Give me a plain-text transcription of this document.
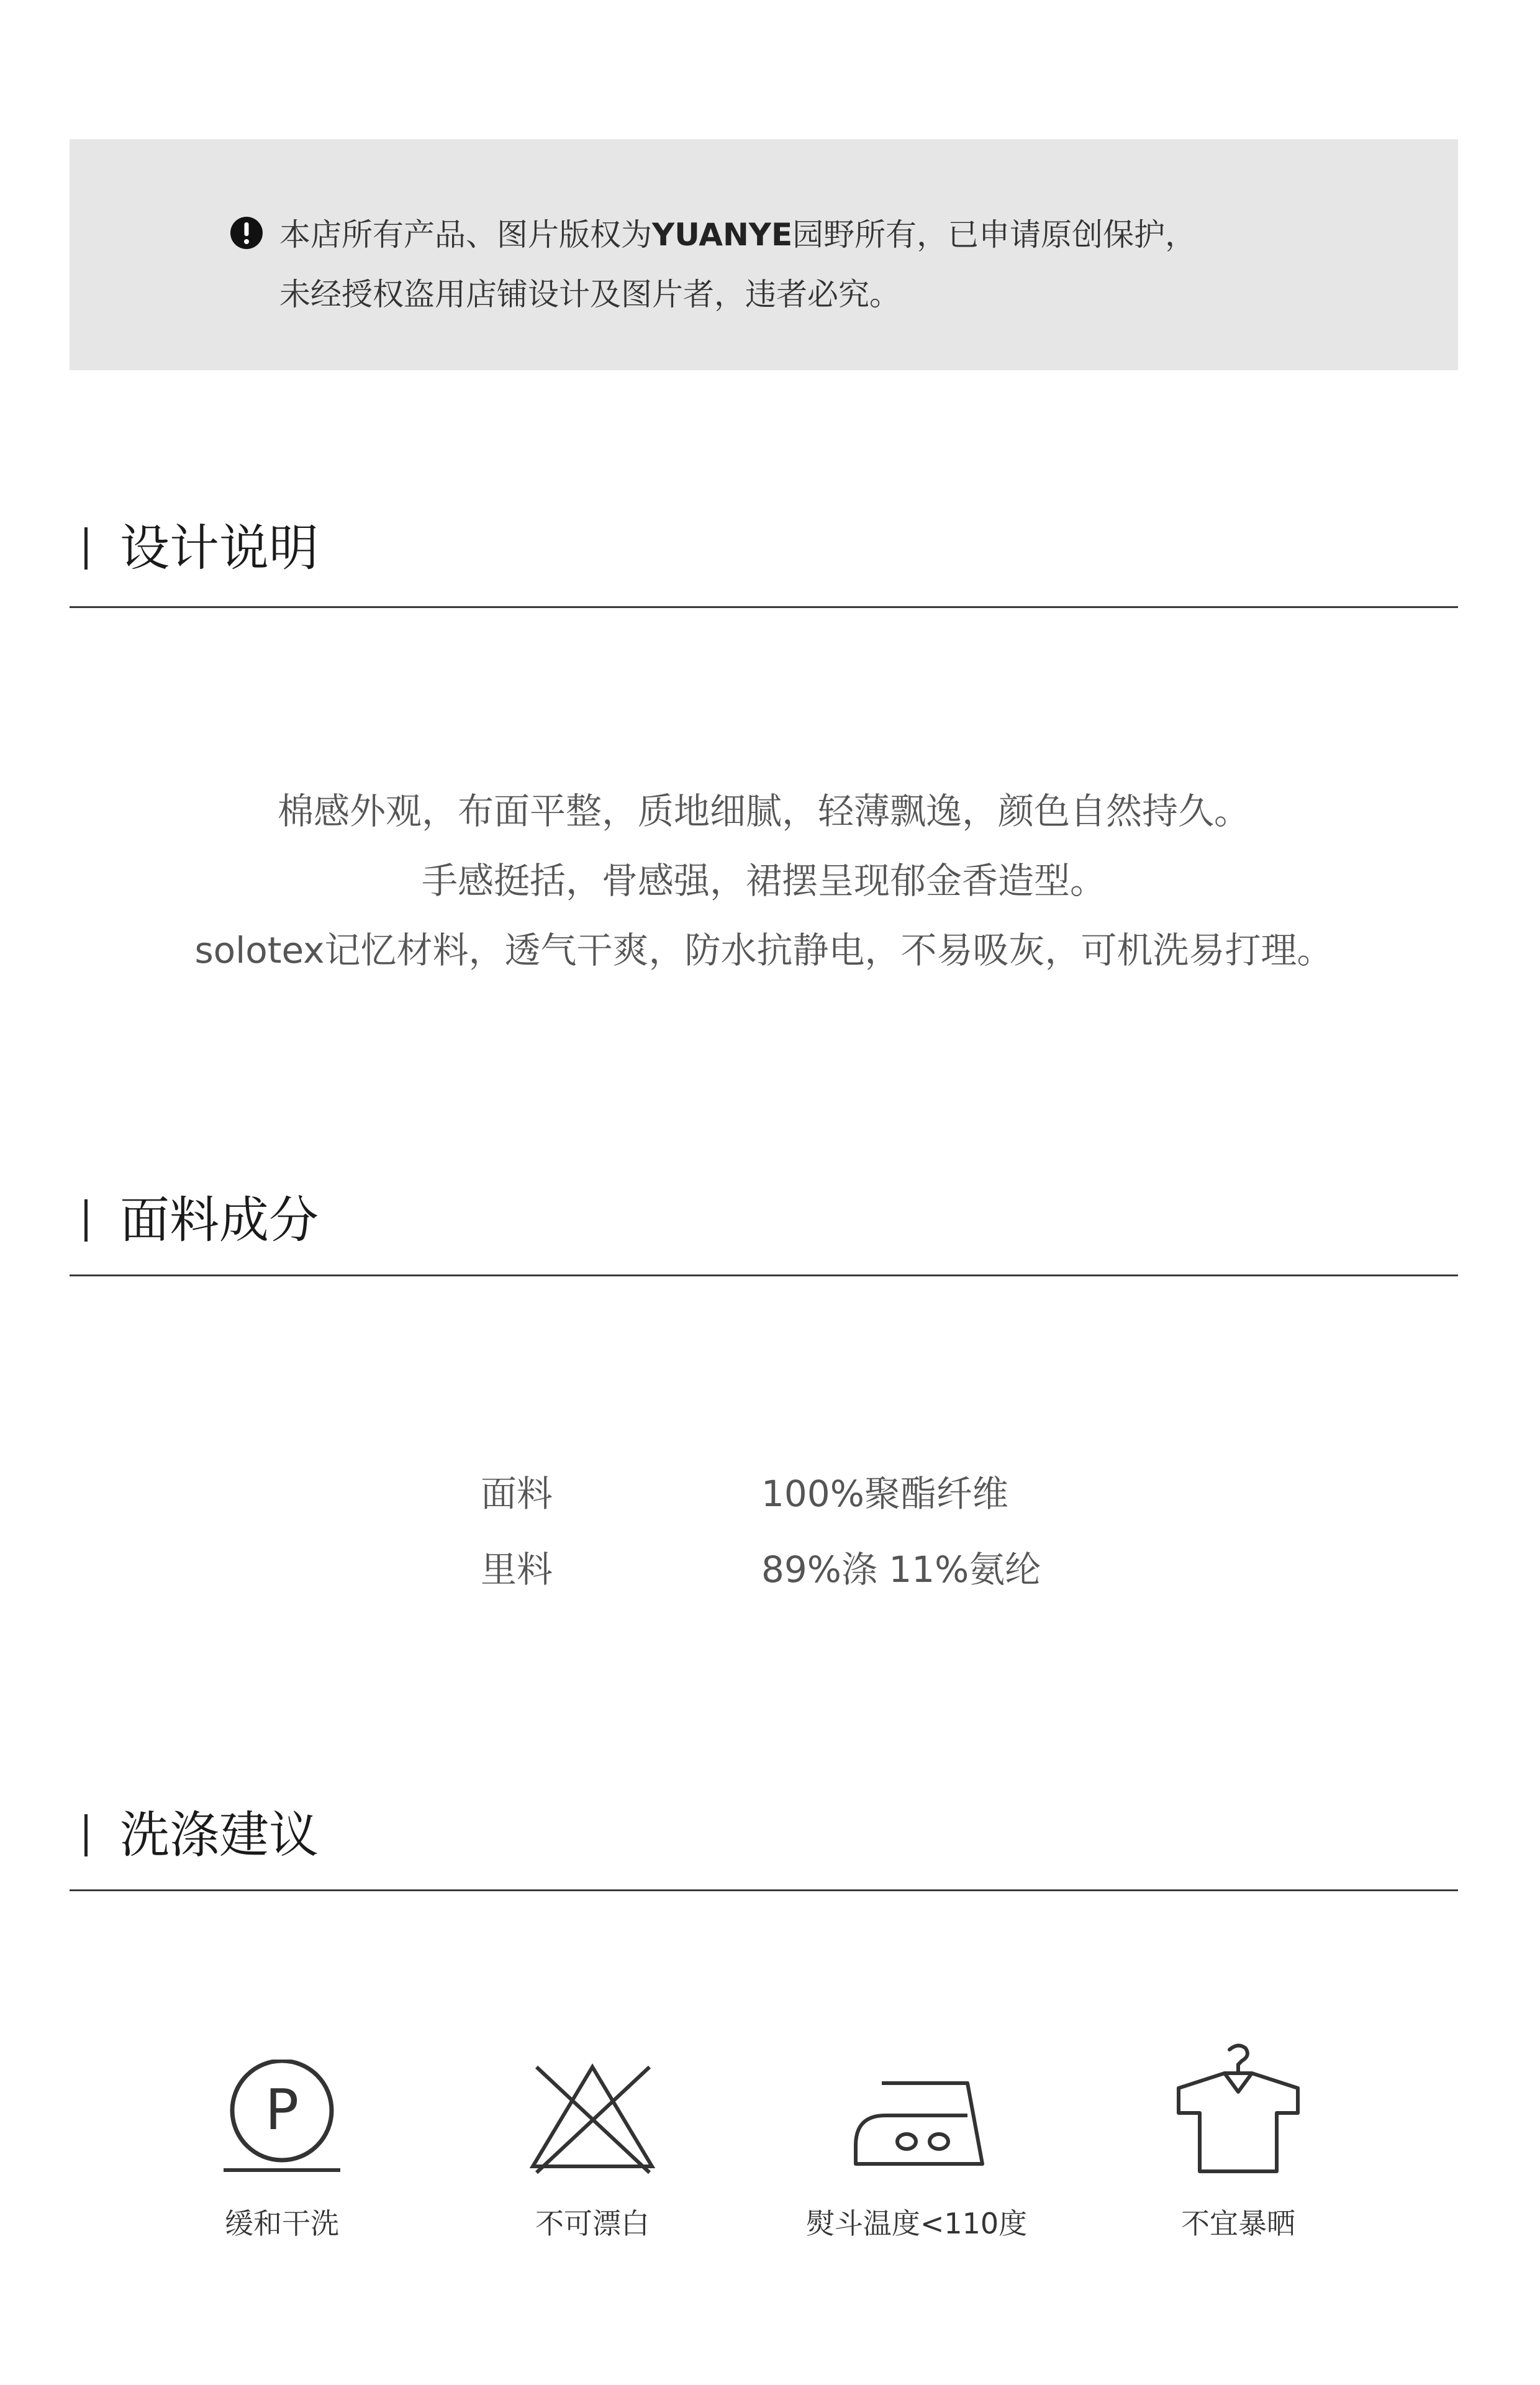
本店所有产品、图片版权为YUANYE园野所有，已申请原创保护，
未经授权盗用店铺设计及图片者，违者必究。
设计说明
棉感外观，布面平整，质地细腻，轻薄飘逸，颜色自然持久。
手感挺括，骨感强，裙摆呈现郁金香造型。
solotex记忆材料，透气干爽，防水抗静电，不易吸灰，可机洗易打理。
面料成分
面料	100%聚酯纤维
里料	89%涤 11%氨纶
洗涤建议
P
缓和干洗	不可漂白	熨斗温度<110度	不宜暴晒
